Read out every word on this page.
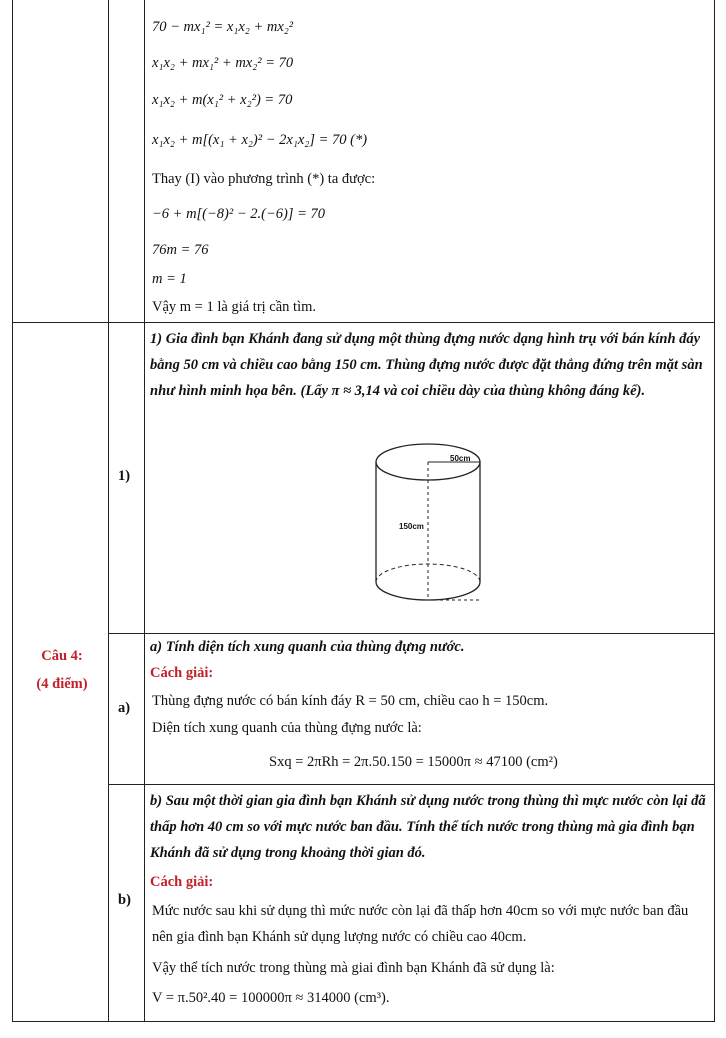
70 − mx₁² = x₁x₂ + mx₂²
x₁x₂ + mx₁² + mx₂² = 70
x₁x₂ + m(x₁² + x₂²) = 70
x₁x₂ + m[(x₁ + x₂)² − 2x₁x₂] = 70 (*)
Thay (I) vào phương trình (*) ta được:
−6 + m[(−8)² − 2.(−6)] = 70
76m = 76
m = 1
Vậy m = 1 là giá trị cần tìm.
Câu 4:
(4 điểm)
1)
1) Gia đình bạn Khánh đang sử dụng một thùng đựng nước dạng hình trụ với bán kính đáy bằng 50 cm và chiều cao bằng 150 cm. Thùng đựng nước được đặt thẳng đứng trên mặt sàn như hình minh họa bên. (Lấy π ≈ 3,14 và coi chiều dày của thùng không đáng kể).
50cm
150cm
a)
a) Tính diện tích xung quanh của thùng đựng nước.
Cách giải:
Thùng đựng nước có bán kính đáy R = 50 cm, chiều cao h = 150cm.
Diện tích xung quanh của thùng đựng nước là:
Sxq = 2πRh = 2π.50.150 = 15000π ≈ 47100 (cm²)
b)
b) Sau một thời gian gia đình bạn Khánh sử dụng nước trong thùng thì mực nước còn lại đã thấp hơn 40 cm so với mực nước ban đầu. Tính thể tích nước trong thùng mà gia đình bạn Khánh đã sử dụng trong khoảng thời gian đó.
Cách giải:
Mức nước sau khi sử dụng thì mức nước còn lại đã thấp hơn 40cm so với mực nước ban đầu nên gia đình bạn Khánh sử dụng lượng nước có chiều cao 40cm.
Vậy thể tích nước trong thùng mà giai đình bạn Khánh đã sử dụng là:
V = π.50².40 = 100000π ≈ 314000 (cm³).
